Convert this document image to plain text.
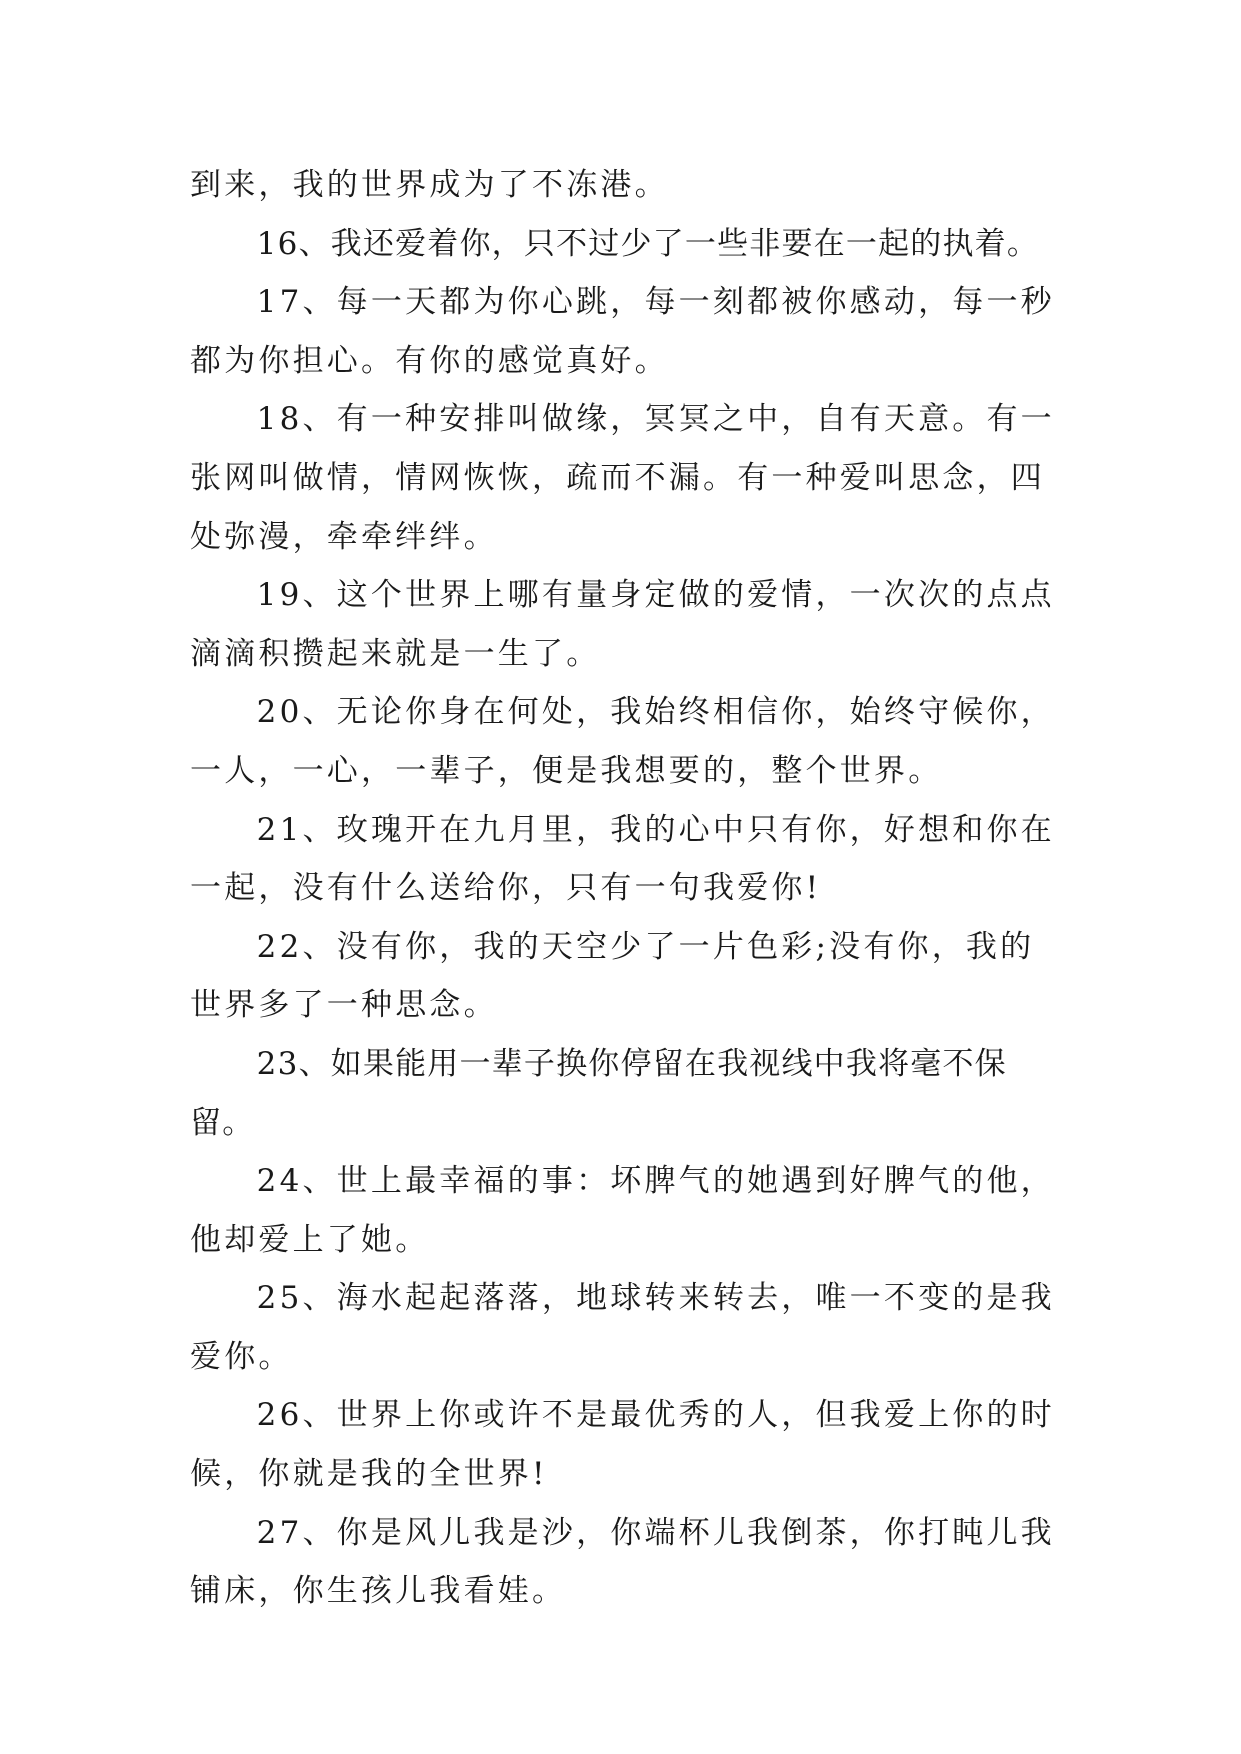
到来，我的世界成为了不冻港。

16、我还爱着你，只不过少了一些非要在一起的执着。

17、每一天都为你心跳，每一刻都被你感动，每一秒都为你担心。有你的感觉真好。

18、有一种安排叫做缘，冥冥之中，自有天意。有一张网叫做情，情网恢恢，疏而不漏。有一种爱叫思念，四处弥漫，牵牵绊绊。

19、这个世界上哪有量身定做的爱情，一次次的点点滴滴积攒起来就是一生了。

20、无论你身在何处，我始终相信你，始终守候你，一人，一心，一辈子，便是我想要的，整个世界。

21、玫瑰开在九月里，我的心中只有你，好想和你在一起，没有什么送给你，只有一句我爱你!

22、没有你，我的天空少了一片色彩;没有你，我的世界多了一种思念。

23、如果能用一辈子换你停留在我视线中我将毫不保留。

24、世上最幸福的事：坏脾气的她遇到好脾气的他，他却爱上了她。

25、海水起起落落，地球转来转去，唯一不变的是我爱你。

26、世界上你或许不是最优秀的人，但我爱上你的时候，你就是我的全世界!

27、你是风儿我是沙，你端杯儿我倒茶，你打盹儿我铺床，你生孩儿我看娃。
